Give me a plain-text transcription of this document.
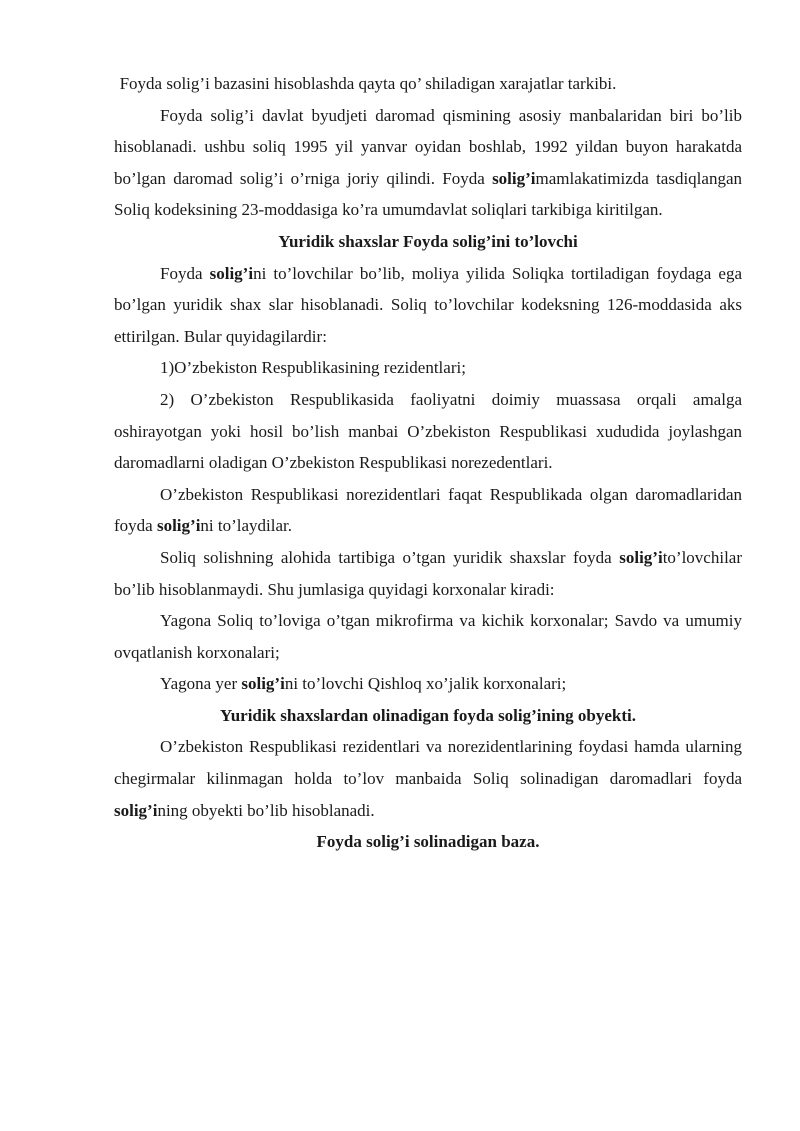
Foyda solig’i bazasini hisoblashda qayta qo’ shiladigan xarajatlar tarkibi.

Foyda solig’i davlat byudjeti daromad qismining asosiy manbalaridan biri bo’lib hisoblanadi. ushbu soliq 1995 yil yanvar oyidan boshlab, 1992 yildan buyon harakatda bo’lgan daromad solig’i o’rniga joriy qilindi. Foyda solig’imamlakatimizda tasdiqlangan Soliq kodeksining 23-moddasiga ko’ra umumdavlat soliqlari tarkibiga kiritilgan.

Yuridik shaxslar Foyda solig’ini to’lovchi

Foyda solig’ini to’lovchilar bo’lib, moliya yilida Soliqka tortiladigan foydaga ega bo’lgan yuridik shax slar hisoblanadi. Soliq to’lovchilar kodeksning 126-moddasida aks ettirilgan. Bular quyidagilardir:

1)O’zbekiston Respublikasining rezidentlari;

2) O’zbekiston Respublikasida faoliyatni doimiy muassasa orqali amalga oshirayotgan yoki hosil bo’lish manbai O’zbekiston Respublikasi xududida joylashgan daromadlarni oladigan O’zbekiston Respublikasi norezedentlari.

O’zbekiston Respublikasi norezidentlari faqat Respublikada olgan daromadlaridan foyda solig’ini to’laydilar.

Soliq solishning alohida tartibiga o’tgan yuridik shaxslar foyda solig’ito’lovchilar bo’lib hisoblanmaydi. Shu jumlasiga quyidagi korxonalar kiradi:

Yagona Soliq to’loviga o’tgan mikrofirma va kichik korxonalar; Savdo va umumiy ovqatlanish korxonalari;

Yagona yer solig’ini to’lovchi Qishloq xo’jalik korxonalari;

Yuridik shaxslardan olinadigan foyda solig’ining obyekti.

O’zbekiston Respublikasi rezidentlari va norezidentlarining foydasi hamda ularning chegirmalar kilinmagan holda to’lov manbaida Soliq solinadigan daromadlari foyda solig’ining obyekti bo’lib hisoblanadi.

Foyda solig’i solinadigan baza.
